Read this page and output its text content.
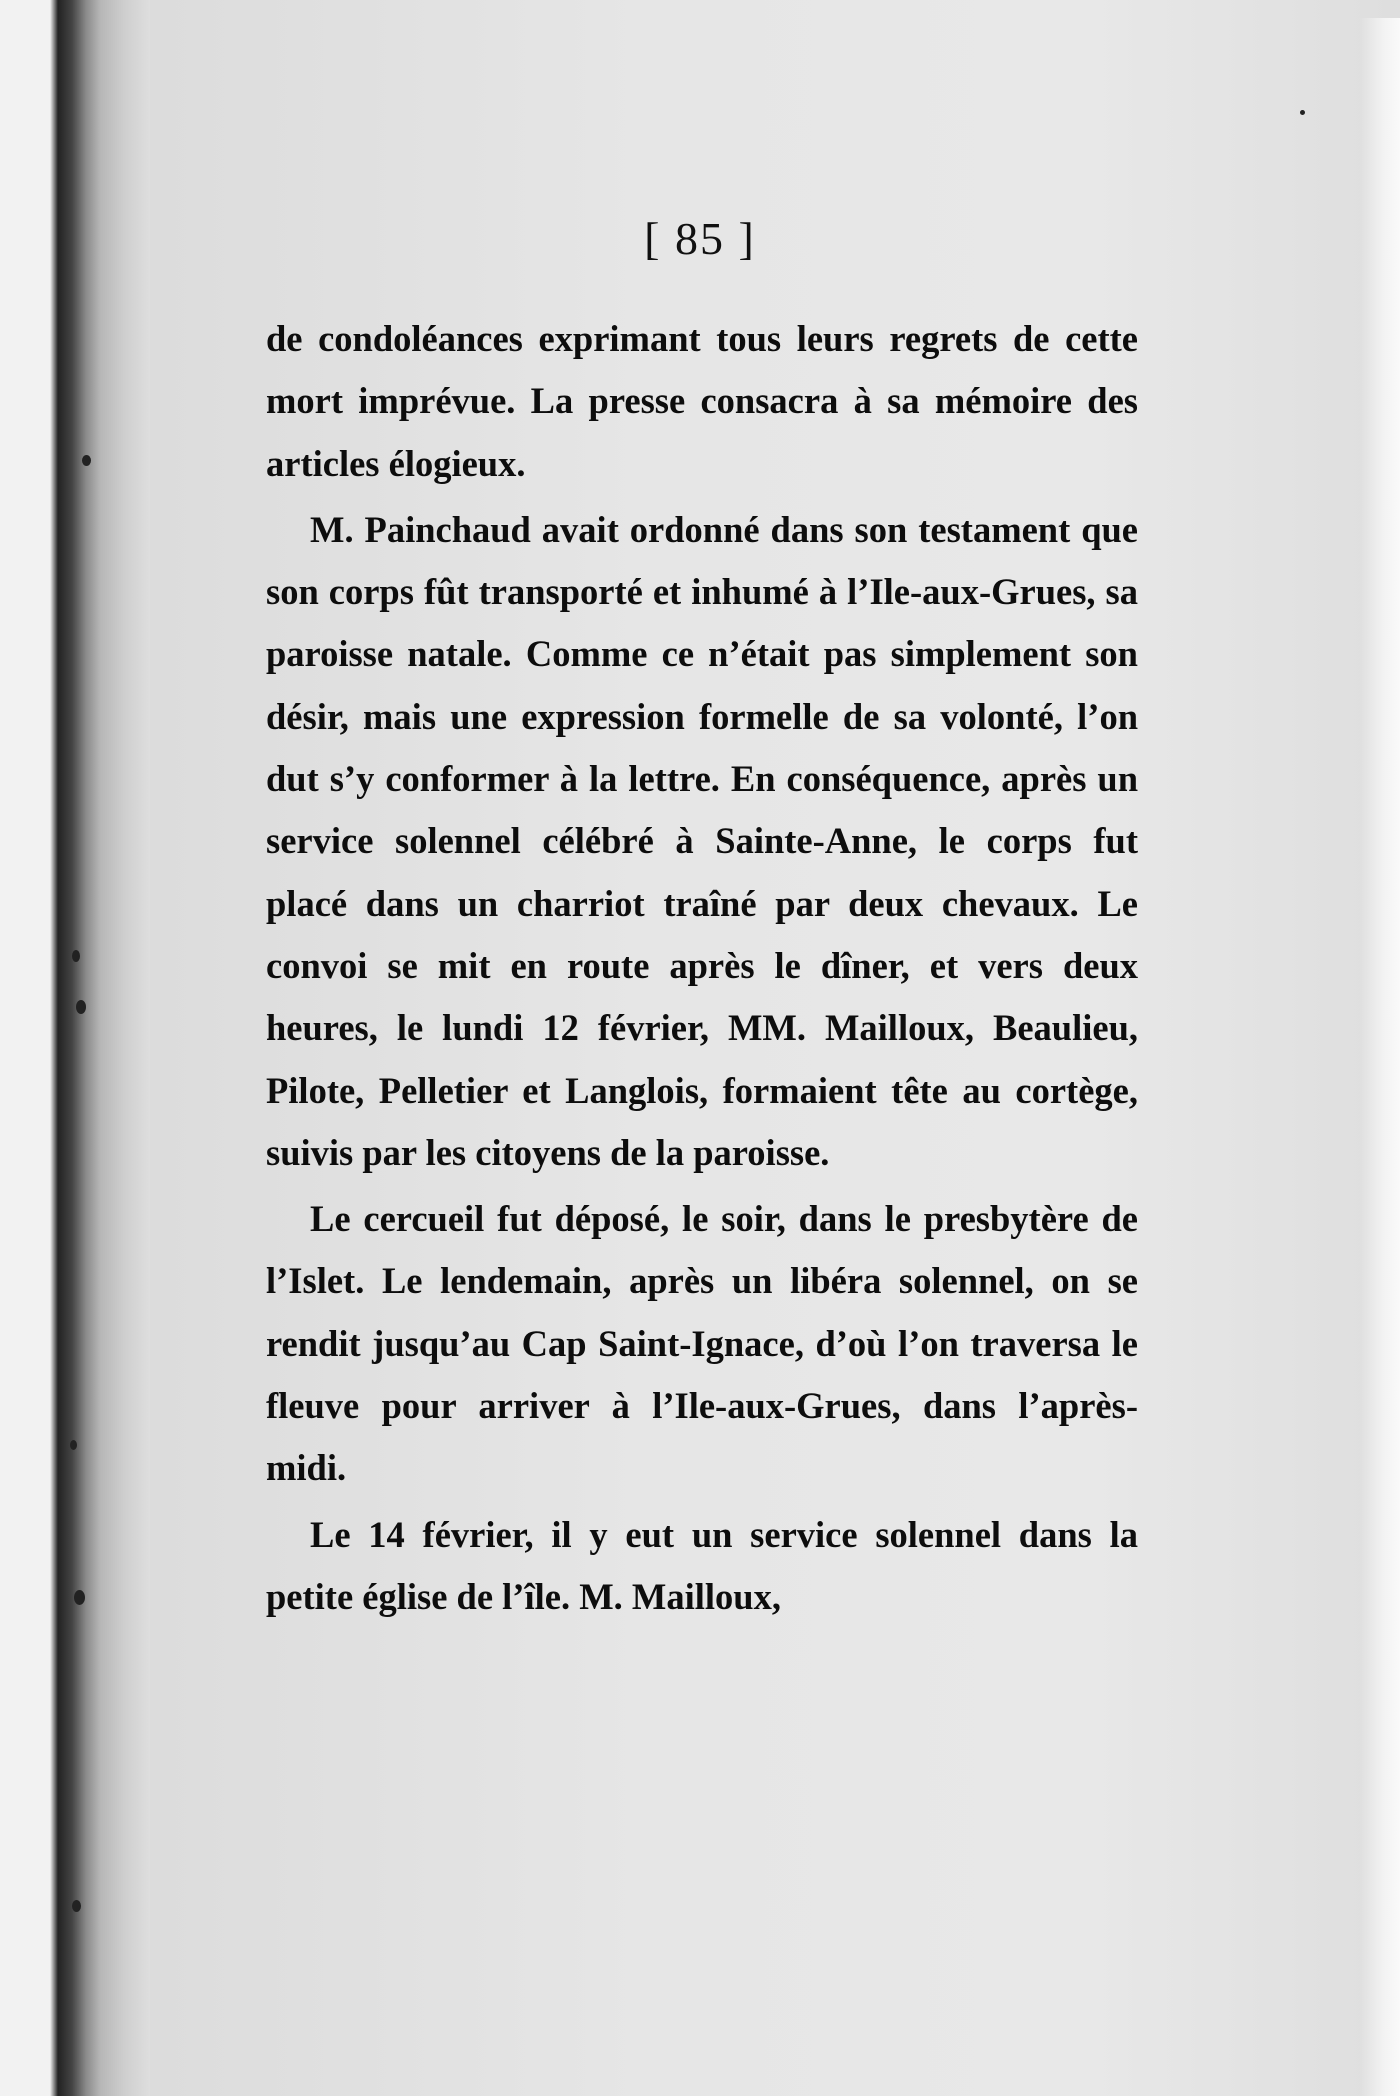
[ 85 ]

de condoléances exprimant tous leurs regrets de cette mort imprévue. La presse consacra à sa mémoire des articles élogieux.

M. Painchaud avait ordonné dans son testament que son corps fût transporté et inhumé à l’Ile-aux-Grues, sa paroisse natale. Comme ce n’était pas simplement son désir, mais une expression formelle de sa volonté, l’on dut s’y conformer à la lettre. En conséquence, après un service solennel célébré à Sainte-Anne, le corps fut placé dans un charriot traîné par deux chevaux. Le convoi se mit en route après le dîner, et vers deux heures, le lundi 12 février, MM. Mailloux, Beaulieu, Pilote, Pelletier et Langlois, formaient tête au cortège, suivis par les citoyens de la paroisse.

Le cercueil fut déposé, le soir, dans le presbytère de l’Islet. Le lendemain, après un libéra solennel, on se rendit jusqu’au Cap Saint-Ignace, d’où l’on traversa le fleuve pour arriver à l’Ile-aux-Grues, dans l’après-midi.

Le 14 février, il y eut un service solennel dans la petite église de l’île. M. Mailloux,
